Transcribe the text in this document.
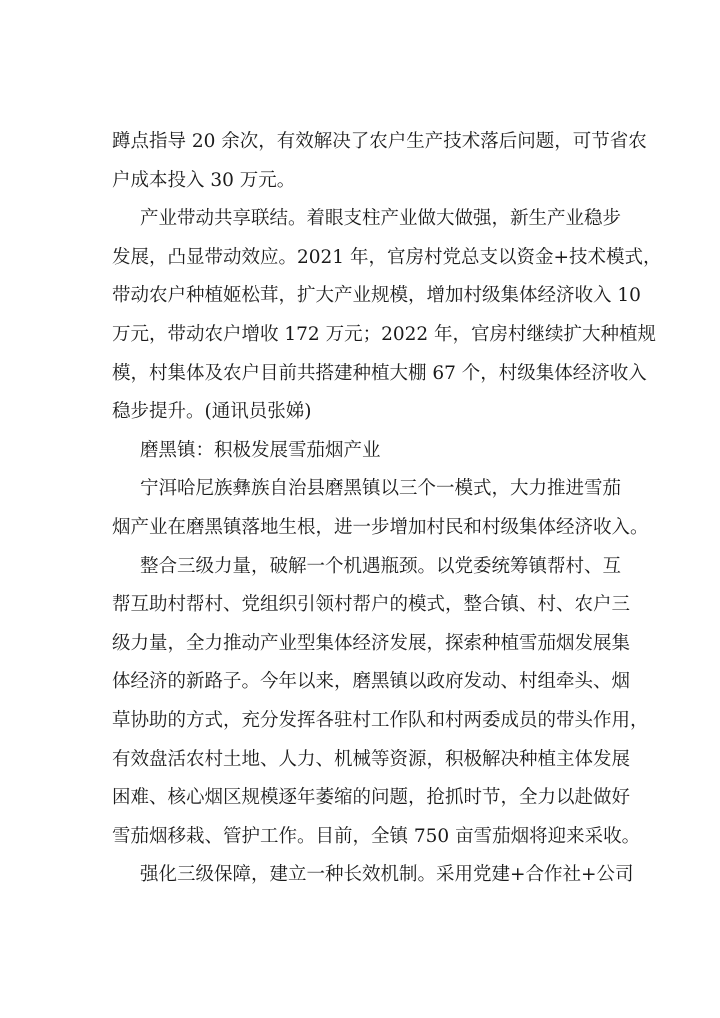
蹲点指导 20 余次，有效解决了农户生产技术落后问题，可节省农
户成本投入 30 万元。
产业带动共享联结。着眼支柱产业做大做强，新生产业稳步
发展，凸显带动效应。2021 年，官房村党总支以资金+技术模式，
带动农户种植姬松茸，扩大产业规模，增加村级集体经济收入 10
万元，带动农户增收 172 万元；2022 年，官房村继续扩大种植规
模，村集体及农户目前共搭建种植大棚 67 个，村级集体经济收入
稳步提升。(通讯员张娣)
磨黑镇：积极发展雪茄烟产业
宁洱哈尼族彝族自治县磨黑镇以三个一模式，大力推进雪茄
烟产业在磨黑镇落地生根，进一步增加村民和村级集体经济收入。
整合三级力量，破解一个机遇瓶颈。以党委统筹镇帮村、互
帮互助村帮村、党组织引领村帮户的模式，整合镇、村、农户三
级力量，全力推动产业型集体经济发展，探索种植雪茄烟发展集
体经济的新路子。今年以来，磨黑镇以政府发动、村组牵头、烟
草协助的方式，充分发挥各驻村工作队和村两委成员的带头作用，
有效盘活农村土地、人力、机械等资源，积极解决种植主体发展
困难、核心烟区规模逐年萎缩的问题，抢抓时节，全力以赴做好
雪茄烟移栽、管护工作。目前，全镇 750 亩雪茄烟将迎来采收。
强化三级保障，建立一种长效机制。采用党建+合作社+公司
